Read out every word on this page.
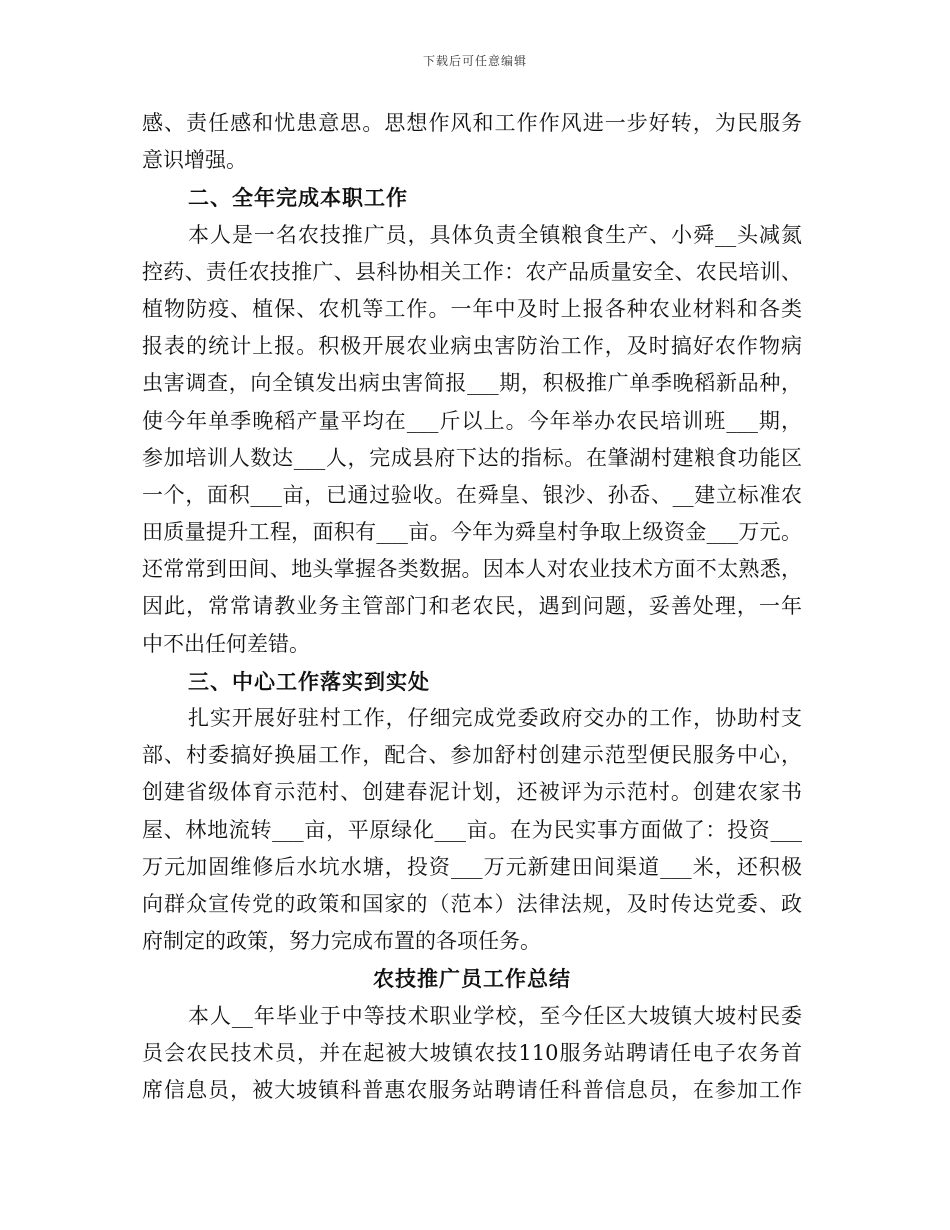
下载后可任意编辑
感、责任感和忧患意思。思想作风和工作作风进一步好转，为民服务
意识增强。
二、全年完成本职工作
本人是一名农技推广员，具体负责全镇粮食生产、小舜__头减氮
控药、责任农技推广、县科协相关工作：农产品质量安全、农民培训、
植物防疫、植保、农机等工作。一年中及时上报各种农业材料和各类
报表的统计上报。积极开展农业病虫害防治工作，及时搞好农作物病
虫害调查，向全镇发出病虫害简报___期，积极推广单季晚稻新品种，
使今年单季晚稻产量平均在___斤以上。今年举办农民培训班___期，
参加培训人数达___人，完成县府下达的指标。在肇湖村建粮食功能区
一个，面积___亩，已通过验收。在舜皇、银沙、孙岙、__建立标准农
田质量提升工程，面积有___亩。今年为舜皇村争取上级资金___万元。
还常常到田间、地头掌握各类数据。因本人对农业技术方面不太熟悉，
因此，常常请教业务主管部门和老农民，遇到问题，妥善处理，一年
中不出任何差错。
三、中心工作落实到实处
扎实开展好驻村工作，仔细完成党委政府交办的工作，协助村支
部、村委搞好换届工作，配合、参加舒村创建示范型便民服务中心，
创建省级体育示范村、创建春泥计划，还被评为示范村。创建农家书
屋、林地流转___亩，平原绿化___亩。在为民实事方面做了：投资___
万元加固维修后水坑水塘，投资___万元新建田间渠道___米，还积极
向群众宣传党的政策和国家的（范本）法律法规，及时传达党委、政
府制定的政策，努力完成布置的各项任务。
农技推广员工作总结
本人__年毕业于中等技术职业学校，至今任区大坡镇大坡村民委
员会农民技术员，并在起被大坡镇农技110服务站聘请任电子农务首
席信息员，被大坡镇科普惠农服务站聘请任科普信息员，在参加工作
